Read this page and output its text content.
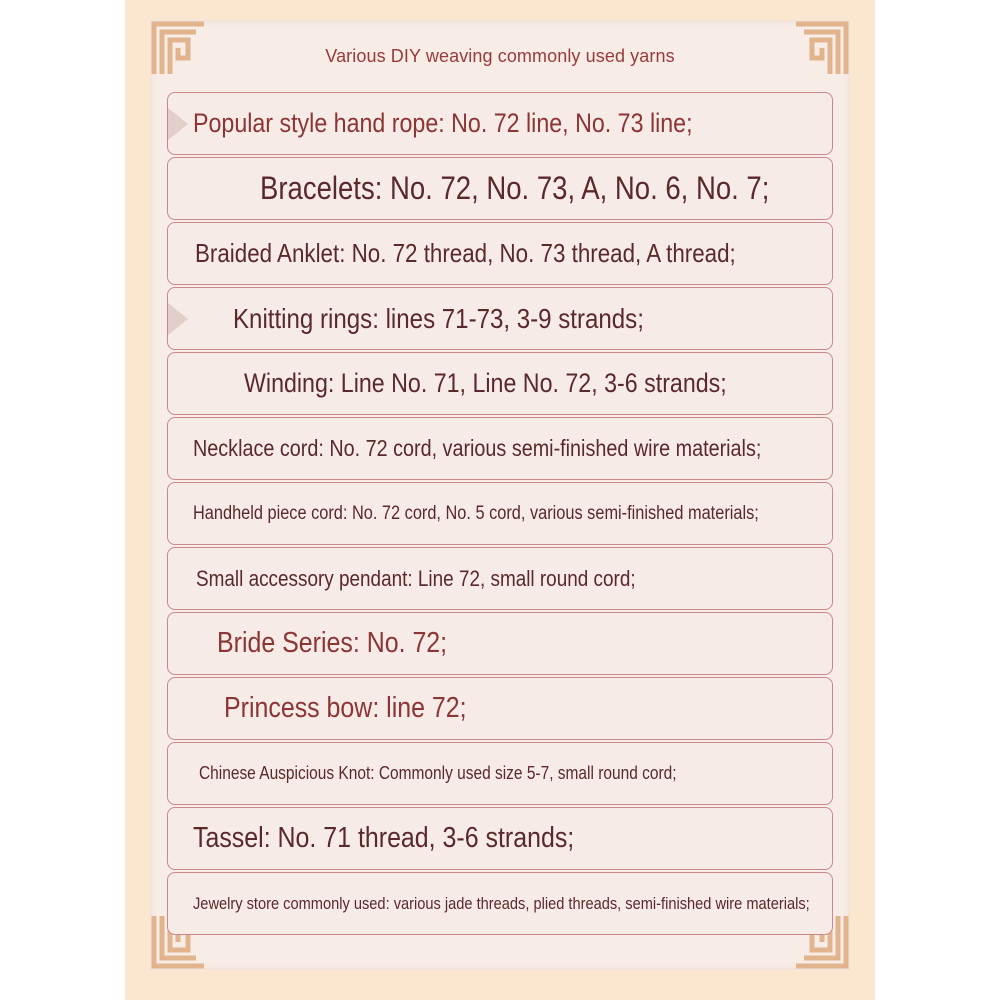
Various DIY weaving commonly used yarns
Popular style hand rope: No. 72 line, No. 73 line;
Bracelets: No. 72, No. 73, A, No. 6, No. 7;
Braided Anklet: No. 72 thread, No. 73 thread, A thread;
Knitting rings: lines 71-73, 3-9 strands;
Winding: Line No. 71, Line No. 72, 3-6 strands;
Necklace cord: No. 72 cord, various semi-finished wire materials;
Handheld piece cord: No. 72 cord, No. 5 cord, various semi-finished materials;
Small accessory pendant: Line 72, small round cord;
Bride Series: No. 72;
Princess bow: line 72;
Chinese Auspicious Knot: Commonly used size 5-7, small round cord;
Tassel: No. 71 thread, 3-6 strands;
Jewelry store commonly used: various jade threads, plied threads, semi-finished wire materials;
